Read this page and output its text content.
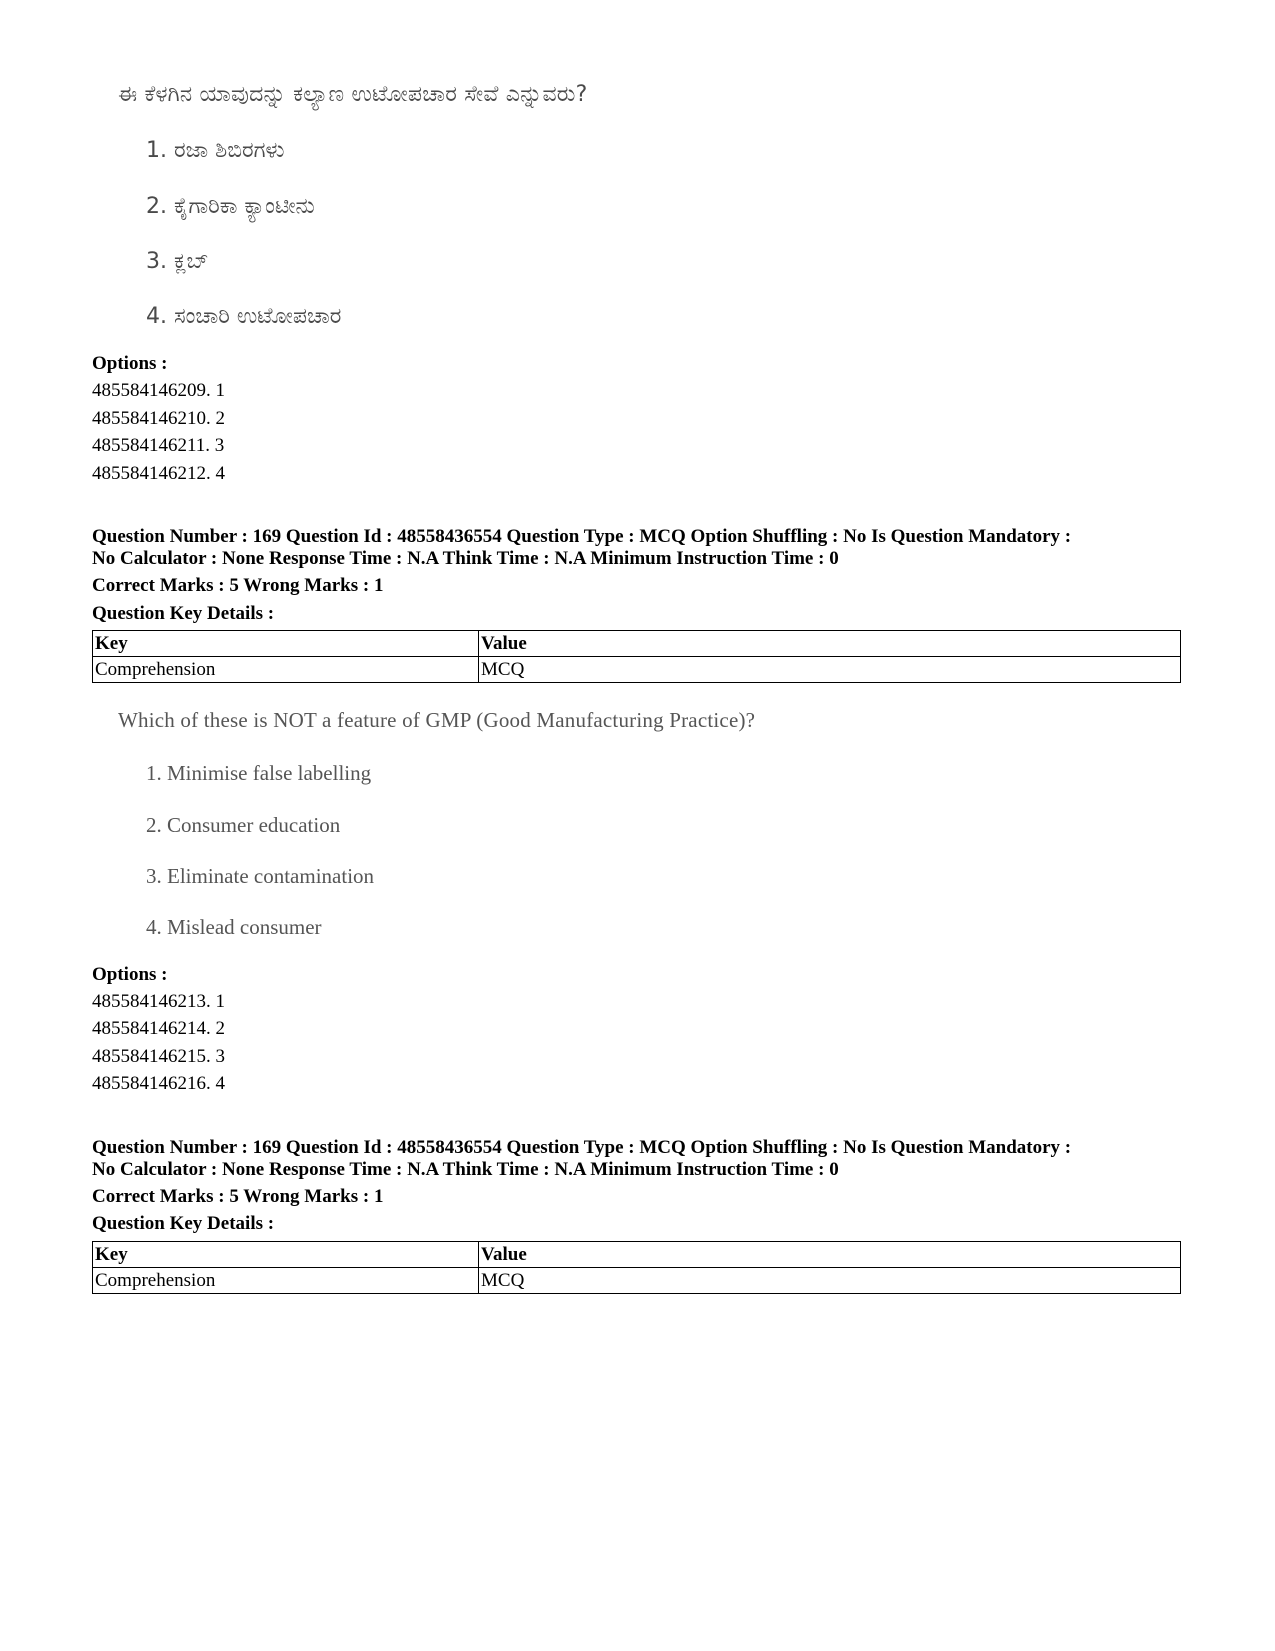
ಈ ಕೆಳಗಿನ ಯಾವುದನ್ನು ಕಲ್ಯಾಣ ಉಟೋಪಚಾರ ಸೇವೆ ಎನ್ನುವರು?
1. ರಜಾ ಶಿಬಿರಗಳು
2. ಕೈಗಾರಿಕಾ ಕ್ಯಾಂಟೀನು
3. ಕ್ಲಬ್
4. ಸಂಚಾರಿ ಉಟೋಪಚಾರ
Options :
485584146209. 1
485584146210. 2
485584146211. 3
485584146212. 4
Question Number : 169 Question Id : 48558436554 Question Type : MCQ Option Shuffling : No Is Question Mandatory :
No Calculator : None Response Time : N.A Think Time : N.A Minimum Instruction Time : 0
Correct Marks : 5 Wrong Marks : 1
Question Key Details :
Key	Value
Comprehension	MCQ
Which of these is NOT a feature of GMP (Good Manufacturing Practice)?
1. Minimise false labelling
2. Consumer education
3. Eliminate contamination
4. Mislead consumer
Options :
485584146213. 1
485584146214. 2
485584146215. 3
485584146216. 4
Question Number : 169 Question Id : 48558436554 Question Type : MCQ Option Shuffling : No Is Question Mandatory :
No Calculator : None Response Time : N.A Think Time : N.A Minimum Instruction Time : 0
Correct Marks : 5 Wrong Marks : 1
Question Key Details :
Key	Value
Comprehension	MCQ
